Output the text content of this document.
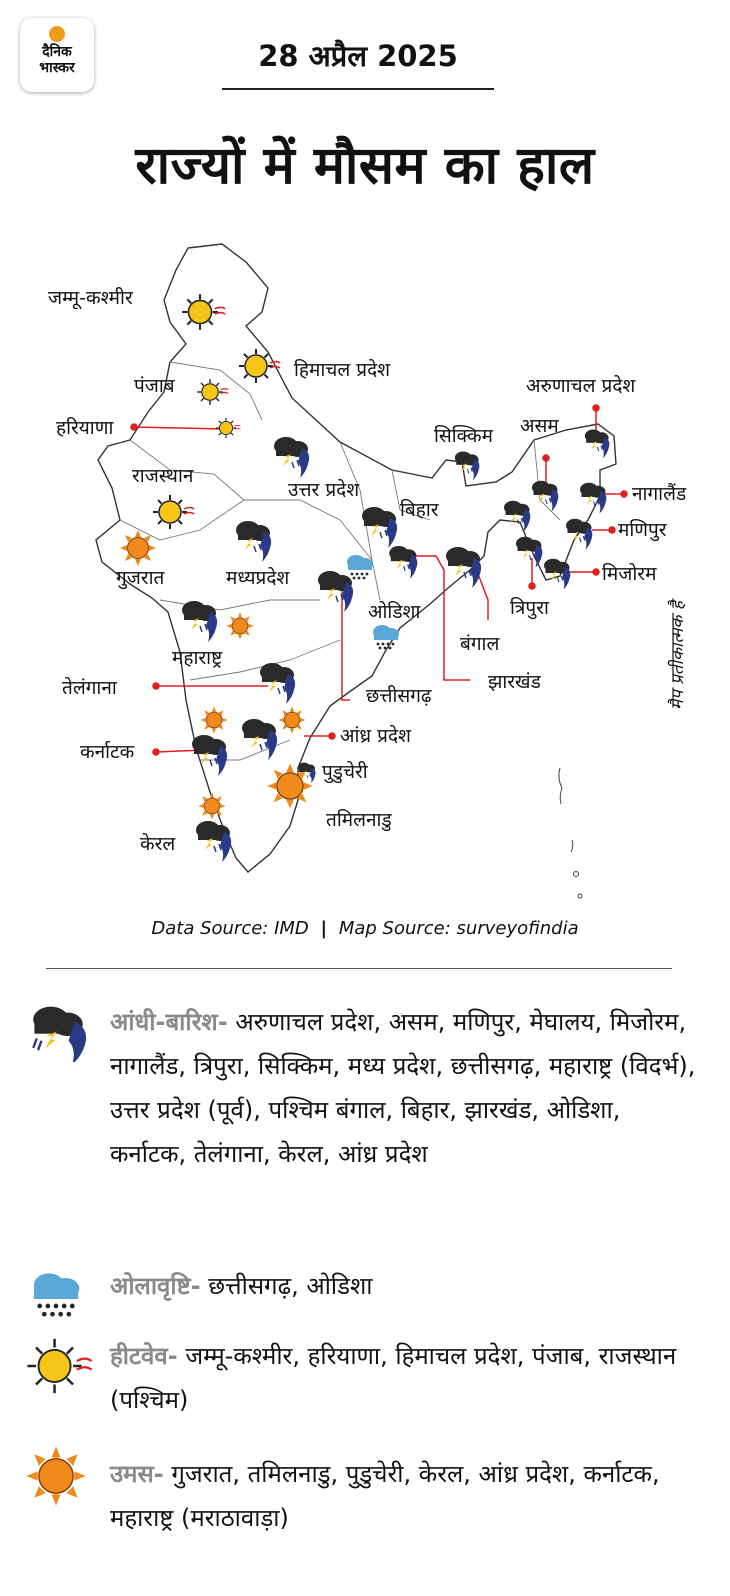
दैनिक
भास्कर	28 अप्रैल 2025
राज्यों में मौसम का हाल
जम्मू-कश्मीर
हिमाचल प्रदेश
पंजाब
हरियाणा
राजस्थान
उत्तर प्रदेश
गुजरात	मध्यप्रदेश
महाराष्ट्र
तेलंगाना
कर्नाटक
केरल
आंध्र प्रदेश
पुडुचेरी
तमिलनाडु
छत्तीसगढ़
ओडिशा
झारखंड
बंगाल
बिहार
सिक्किम असम
अरुणाचल प्रदेश
नागालैंड
मणिपुर
मिजोरम
त्रिपुरा	मैप प्रतीकात्मक है
Data Source: IMD | Map Source: surveyofindia
आंधी-बारिश- अरुणाचल प्रदेश, असम, मणिपुर, मेघालय, मिजोरम, नागालैंड, त्रिपुरा, सिक्किम, मध्य प्रदेश, छत्तीसगढ़, महाराष्ट्र (विदर्भ), उत्तर प्रदेश (पूर्व), पश्चिम बंगाल, बिहार, झारखंड, ओडिशा, कर्नाटक, तेलंगाना, केरल, आंध्र प्रदेश
ओलावृष्टि- छत्तीसगढ़, ओडिशा
हीटवेव- जम्मू-कश्मीर, हरियाणा, हिमाचल प्रदेश, पंजाब, राजस्थान (पश्चिम)
उमस- गुजरात, तमिलनाडु, पुडुचेरी, केरल, आंध्र प्रदेश, कर्नाटक, महाराष्ट्र (मराठावाड़ा)
